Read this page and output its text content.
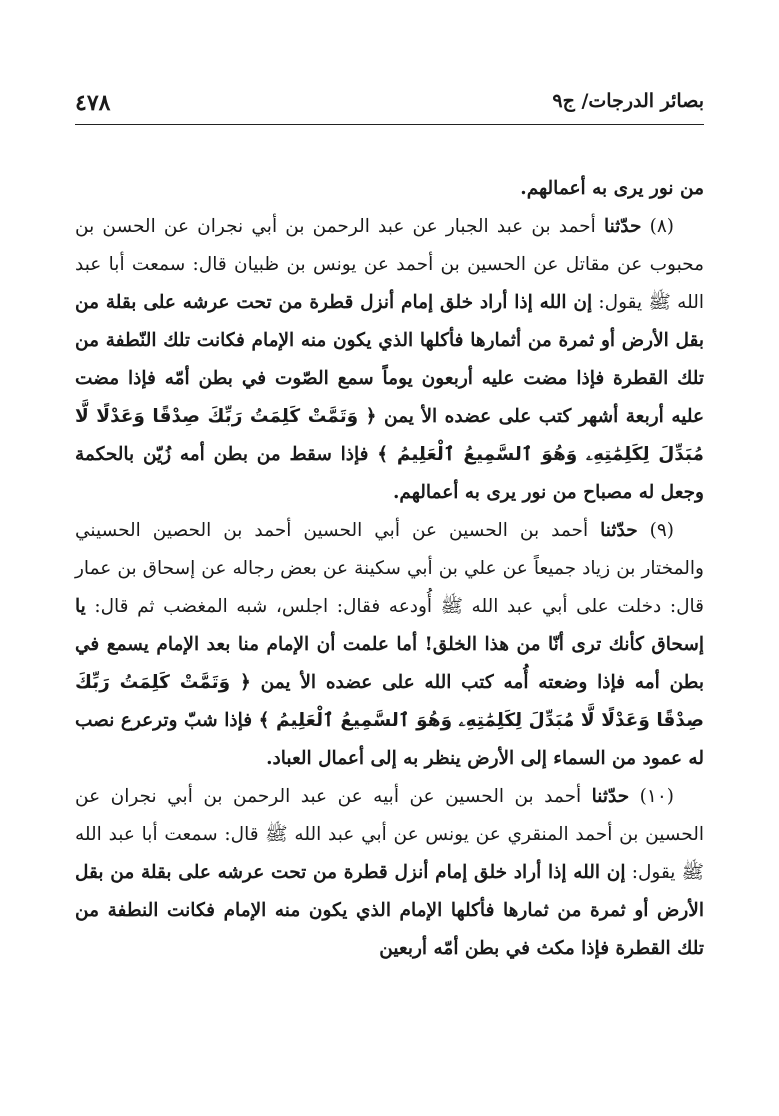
٤٧٨	بصائر الدرجات/ ج٩

من نور يرى به أعمالهم.

(٨) حدّثنا أحمد بن عبد الجبار عن عبد الرحمن بن أبي نجران عن الحسن بن محبوب عن مقاتل عن الحسين بن أحمد عن يونس بن ظبيان قال: سمعت أبا عبد الله ﷺ يقول: إن الله إذا أراد خلق إمام أنزل قطرة من تحت عرشه على بقلة من بقل الأرض أو ثمرة من أثمارها فأكلها الذي يكون منه الإمام فكانت تلك النّطفة من تلك القطرة فإذا مضت عليه أربعون يوماً سمع الصّوت في بطن أمّه فإذا مضت عليه أربعة أشهر كتب على عضده الأ يمن ﴿ وَتَمَّتْ كَلِمَتُ رَبِّكَ صِدْقًا وَعَدْلًا لَّا مُبَدِّلَ لِكَلِمَٰتِهِۦ وَهُوَ ٱلسَّمِيعُ ٱلْعَلِيمُ ﴾ فإذا سقط من بطن أمه زُيّن بالحكمة وجعل له مصباح من نور يرى به أعمالهم.

(٩) حدّثنا أحمد بن الحسين عن أبي الحسين أحمد بن الحصين الحسيني والمختار بن زياد جميعاً عن علي بن أبي سكينة عن بعض رجاله عن إسحاق بن عمار قال: دخلت على أبي عبد الله ﷺ أُودعه فقال: اجلس، شبه المغضب ثم قال: يا إسحاق كأنك ترى أنّا من هذا الخلق! أما علمت أن الإمام منا بعد الإمام يسمع في بطن أمه فإذا وضعته أُمه كتب الله على عضده الأ يمن ﴿ وَتَمَّتْ كَلِمَتُ رَبِّكَ صِدْقًا وَعَدْلًا لَّا مُبَدِّلَ لِكَلِمَٰتِهِۦ وَهُوَ ٱلسَّمِيعُ ٱلْعَلِيمُ ﴾ فإذا شبّ وترعرع نصب له عمود من السماء إلى الأرض ينظر به إلى أعمال العباد.

(١٠) حدّثنا أحمد بن الحسين عن أبيه عن عبد الرحمن بن أبي نجران عن الحسين بن أحمد المنقري عن يونس عن أبي عبد الله ﷺ قال: سمعت أبا عبد الله ﷺ يقول: إن الله إذا أراد خلق إمام أنزل قطرة من تحت عرشه على بقلة من بقل الأرض أو ثمرة من ثمارها فأكلها الإمام الذي يكون منه الإمام فكانت النطفة من تلك القطرة فإذا مكث في بطن أمّه أربعين
